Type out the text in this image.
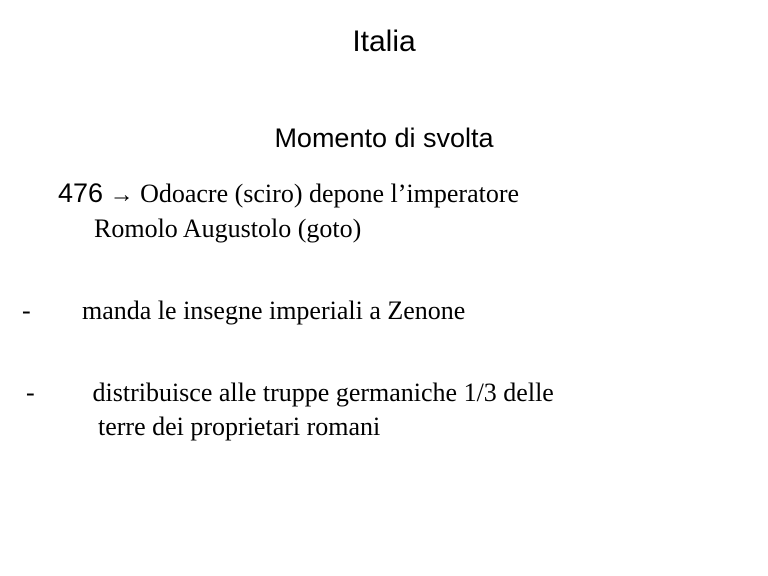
Italia
Momento di svolta
476 → Odoacre (sciro) depone l’imperatore
Romolo Augustolo (goto)
- manda le insegne imperiali a Zenone
- distribuisce alle truppe germaniche 1/3 delle
terre dei proprietari romani
